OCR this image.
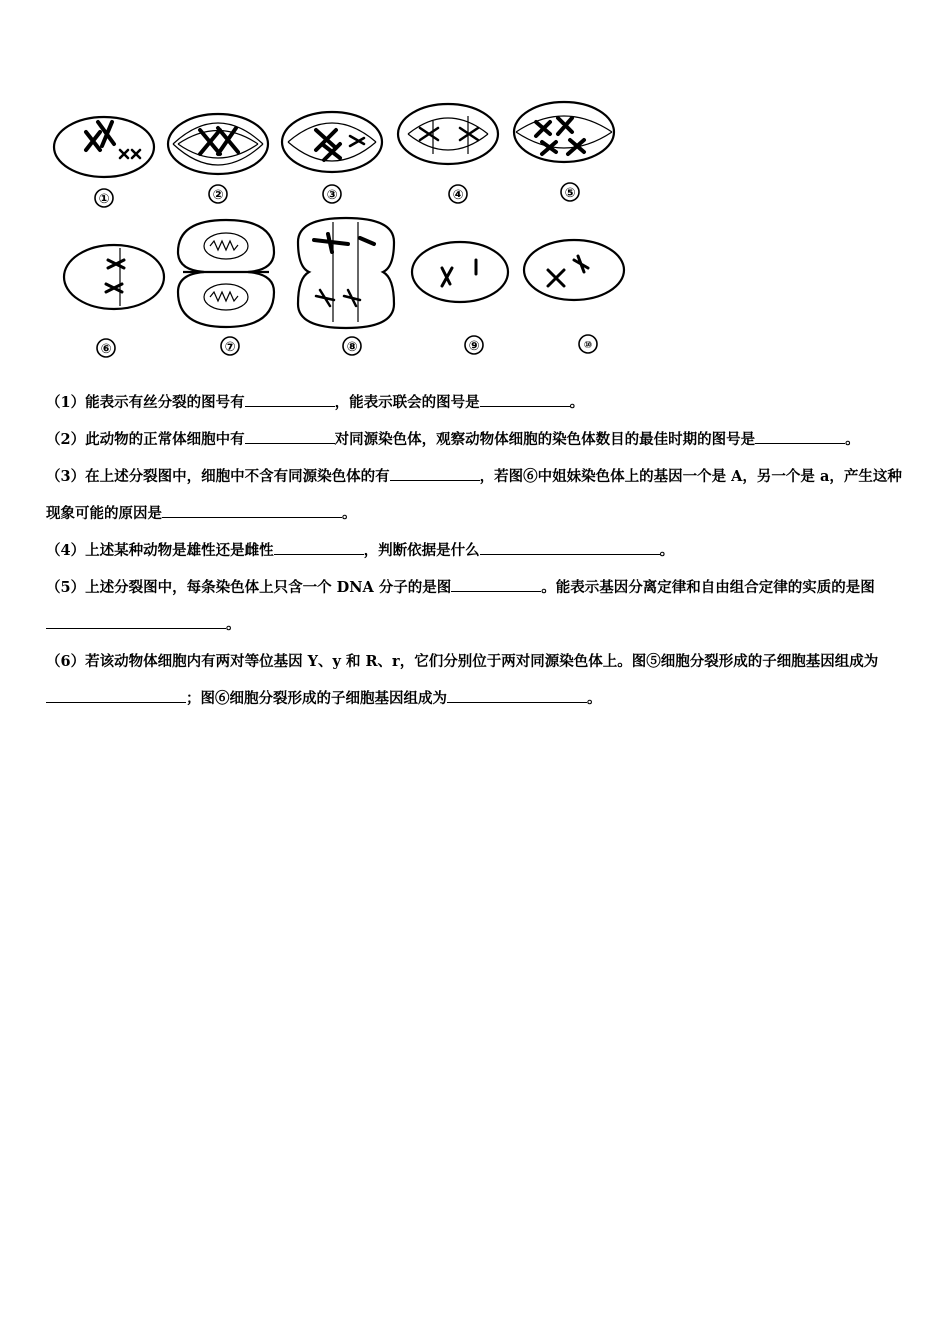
①	②	③	④	⑤
⑥	⑦	⑧	⑨	⑩

（1）能表示有丝分裂的图号有	，能表示联会的图号是	。

（2）此动物的正常体细胞中有	对同源染色体，观察动物体细胞的染色体数目的最佳时期的图号是	。

（3）在上述分裂图中，细胞中不含有同源染色体的有	，若图⑥中姐妹染色体上的基因一个是 A，另一个是 a，产生这种现象可能的原因是	。

（4）上述某种动物是雄性还是雌性	，判断依据是什么	。

（5）上述分裂图中，每条染色体上只含一个 DNA 分子的是图	。能表示基因分离定律和自由组合定律的实质的是图。

（6）若该动物体细胞内有两对等位基因 Y、y 和 R、r，它们分别位于两对同源染色体上。图⑤细胞分裂形成的子细胞基因组成为；图⑥细胞分裂形成的子细胞基因组成为	。
